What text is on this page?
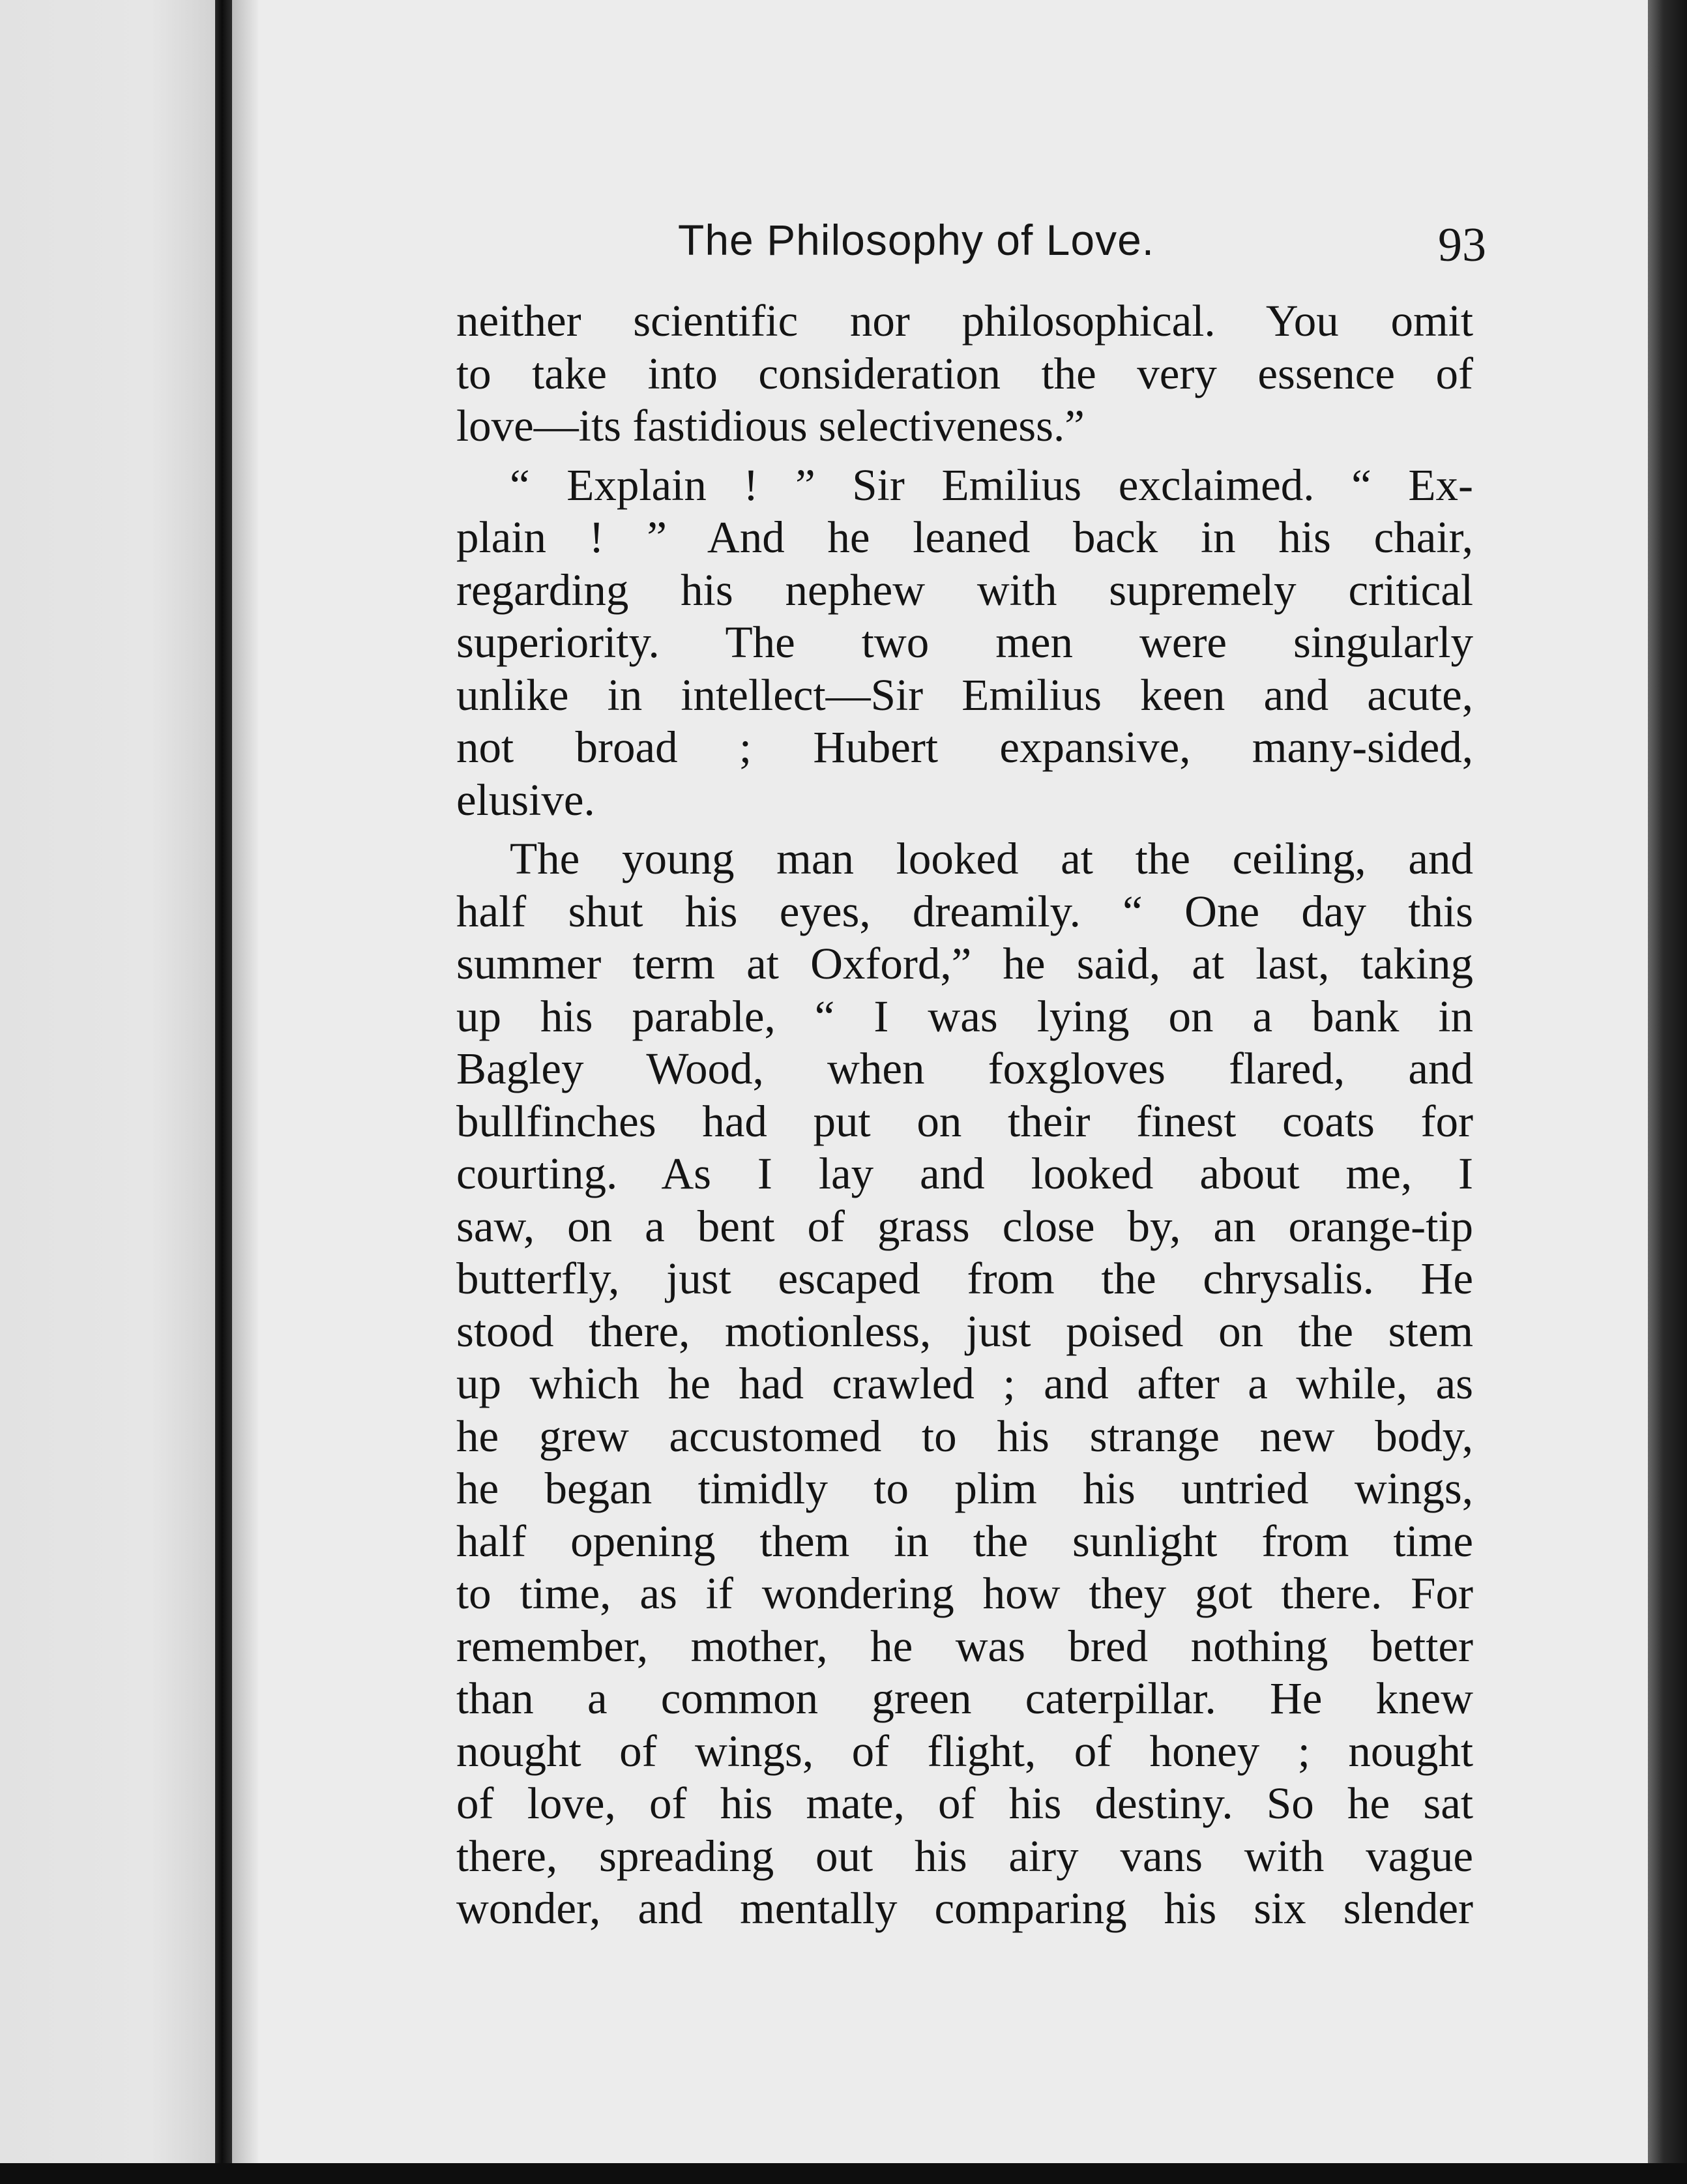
The Philosophy of Love.	93
neither scientific nor philosophical. You omit
to take into consideration the very essence of
love—its fastidious selectiveness.”
“ Explain ! ” Sir Emilius exclaimed. “ Ex-
plain ! ” And he leaned back in his chair,
regarding his nephew with supremely critical
superiority. The two men were singularly
unlike in intellect—Sir Emilius keen and acute,
not broad ; Hubert expansive, many-sided,
elusive.
The young man looked at the ceiling, and
half shut his eyes, dreamily. “ One day this
summer term at Oxford,” he said, at last, taking
up his parable, “ I was lying on a bank in
Bagley Wood, when foxgloves flared, and
bullfinches had put on their finest coats for
courting. As I lay and looked about me, I
saw, on a bent of grass close by, an orange-tip
butterfly, just escaped from the chrysalis. He
stood there, motionless, just poised on the stem
up which he had crawled ; and after a while, as
he grew accustomed to his strange new body,
he began timidly to plim his untried wings,
half opening them in the sunlight from time
to time, as if wondering how they got there. For
remember, mother, he was bred nothing better
than a common green caterpillar. He knew
nought of wings, of flight, of honey ; nought
of love, of his mate, of his destiny. So he sat
there, spreading out his airy vans with vague
wonder, and mentally comparing his six slender
